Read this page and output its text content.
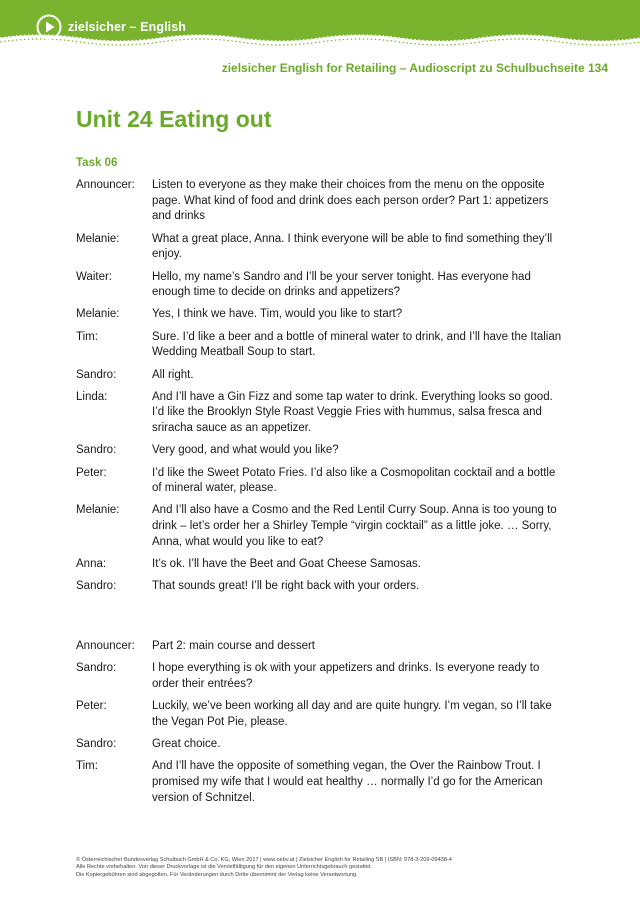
zielsicher – English
zielsicher English for Retailing – Audioscript zu Schulbuchseite 134
Unit 24 Eating out
Task 06
Announcer:	Listen to everyone as they make their choices from the menu on the opposite page. What kind of food and drink does each person order? Part 1: appetizers and drinks
Melanie:	What a great place, Anna. I think everyone will be able to find something they’ll enjoy.
Waiter:	Hello, my name’s Sandro and I’ll be your server tonight. Has everyone had enough time to decide on drinks and appetizers?
Melanie:	Yes, I think we have. Tim, would you like to start?
Tim:	Sure. I’d like a beer and a bottle of mineral water to drink, and I’ll have the Italian Wedding Meatball Soup to start.
Sandro:	All right.
Linda:	And I’ll have a Gin Fizz and some tap water to drink. Everything looks so good. I’d like the Brooklyn Style Roast Veggie Fries with hummus, salsa fresca and sriracha sauce as an appetizer.
Sandro:	Very good, and what would you like?
Peter:	I’d like the Sweet Potato Fries. I’d also like a Cosmopolitan cocktail and a bottle of mineral water, please.
Melanie:	And I’ll also have a Cosmo and the Red Lentil Curry Soup. Anna is too young to drink – let’s order her a Shirley Temple “virgin cocktail” as a little joke. … Sorry, Anna, what would you like to eat?
Anna:	It’s ok. I’ll have the Beet and Goat Cheese Samosas.
Sandro:	That sounds great! I’ll be right back with your orders.
Announcer:	Part 2: main course and dessert
Sandro:	I hope everything is ok with your appetizers and drinks. Is everyone ready to order their entrées?
Peter:	Luckily, we’ve been working all day and are quite hungry. I’m vegan, so I’ll take the Vegan Pot Pie, please.
Sandro:	Great choice.
Tim:	And I’ll have the opposite of something vegan, the Over the Rainbow Trout. I promised my wife that I would eat healthy … normally I’d go for the American version of Schnitzel.
© Österreichischer Bundesverlag Schulbuch GmbH & Co. KG, Wien 2017 | www.oebv.at | Zielsicher English for Retailing SB | ISBN: 978-3-209-09438-4
Alle Rechte vorbehalten. Von dieser Druckvorlage ist die Vervielfältigung für den eigenen Unterrichtsgebrauch gestattet.
Die Kopiergebühren sind abgegolten. Für Veränderungen durch Dritte übernimmt der Verlag keine Verantwortung.
